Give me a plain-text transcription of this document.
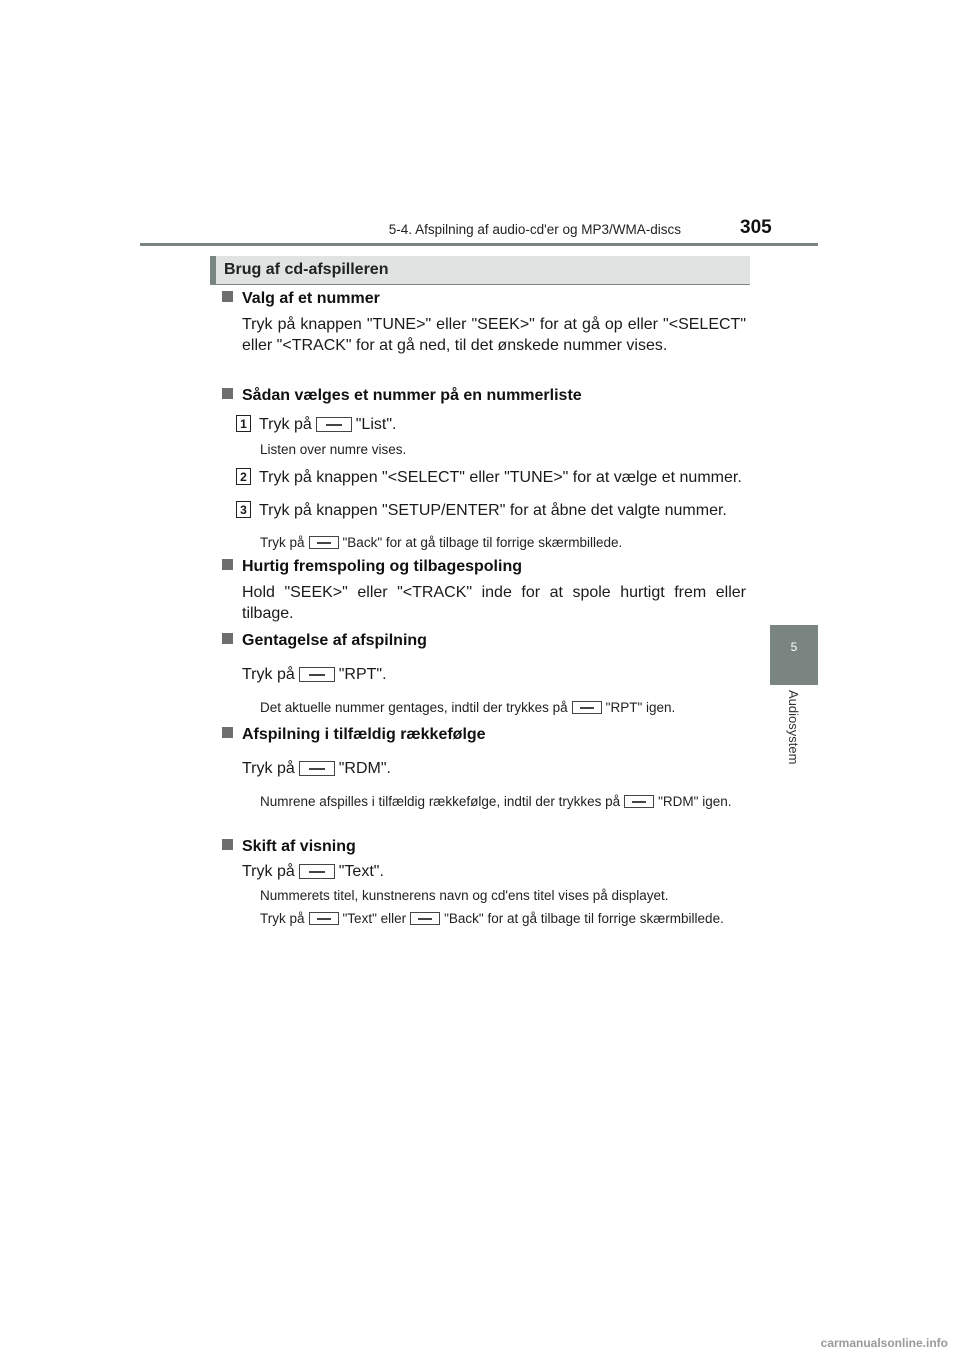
5-4. Afspilning af audio-cd'er og MP3/WMA-discs	305
5
Audiosystem
Brug af cd-afspilleren
Valg af et nummer
Tryk på knappen "TUNE>" eller "SEEK>" for at gå op eller "<SELECT" eller "<TRACK" for at gå ned, til det ønskede nummer vises.
Sådan vælges et nummer på en nummerliste
1 Tryk på	"List".
Listen over numre vises.
2 Tryk på knappen "<SELECT" eller "TUNE>" for at vælge et nummer.
3 Tryk på knappen "SETUP/ENTER" for at åbne det valgte nummer.
Tryk på	"Back" for at gå tilbage til forrige skærmbillede.
Hurtig fremspoling og tilbagespoling
Hold "SEEK>" eller "<TRACK" inde for at spole hurtigt frem eller tilbage.
Gentagelse af afspilning
Tryk på	"RPT".
Det aktuelle nummer gentages, indtil der trykkes på	"RPT" igen.
Afspilning i tilfældig rækkefølge
Tryk på	"RDM".
Numrene afspilles i tilfældig rækkefølge, indtil der trykkes på	"RDM" igen.
Skift af visning
Tryk på	"Text".
Nummerets titel, kunstnerens navn og cd'ens titel vises på displayet.
Tryk på	"Text" eller	"Back" for at gå tilbage til forrige skærmbillede.
carmanualsonline.info
